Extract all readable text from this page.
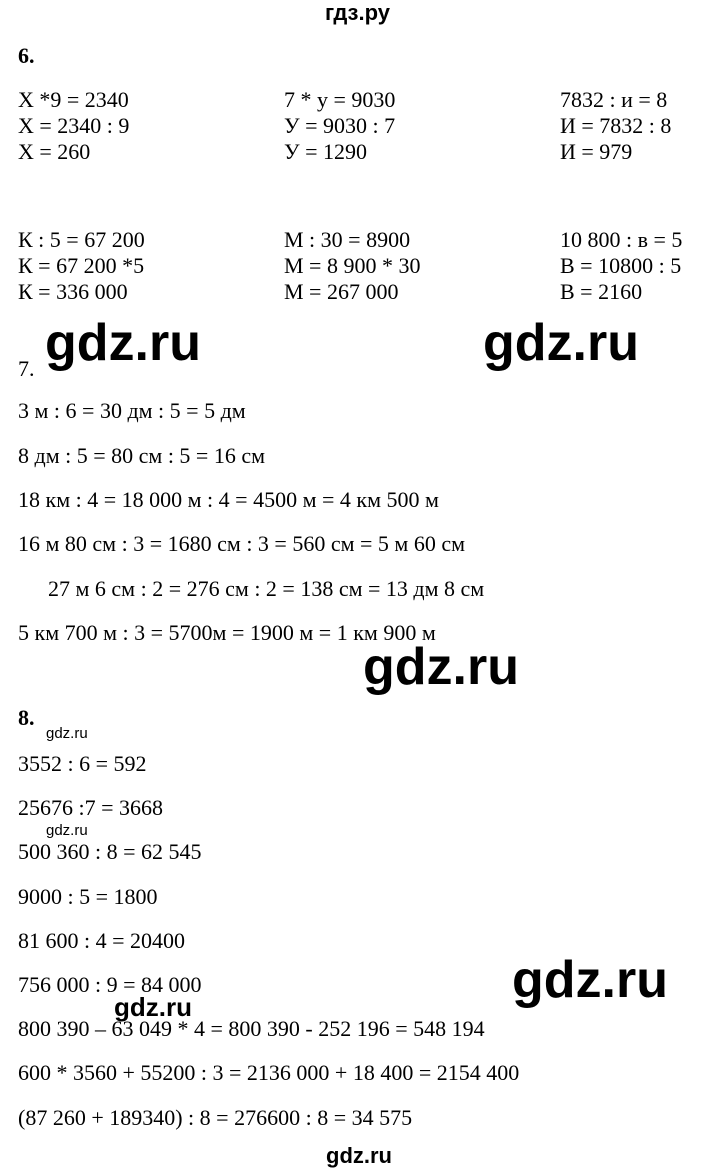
гдз.ру
6.
X *9 = 2340
X = 2340 : 9
X = 260
7 * у = 9030
У = 9030 : 7
У = 1290
7832 : и = 8
И = 7832 : 8
И = 979
К : 5 = 67 200
К = 67 200 *5
К = 336 000
М : 30 = 8900
М = 8 900 * 30
М = 267 000
10 800 : в = 5
В = 10800 : 5
В = 2160
gdz.ru	gdz.ru
7.
3 м : 6 = 30 дм : 5 = 5 дм
8 дм : 5 = 80 см : 5 = 16 см
18 км : 4 = 18 000 м : 4 = 4500 м = 4 км 500 м
16 м 80 см : 3 = 1680 см : 3 = 560 см = 5 м 60 см
27 м 6 см : 2 = 276 см : 2 = 138 см = 13 дм 8 см
5 км 700 м : 3 = 5700м = 1900 м = 1 км 900 м
gdz.ru
8.
gdz.ru
3552 : 6 = 592
25676 :7 = 3668
gdz.ru
500 360 : 8 = 62 545
9000 : 5 = 1800
81 600 : 4 = 20400
756 000 : 9 = 84 000	gdz.ru
gdz.ru
800 390 – 63 049 * 4 = 800 390 - 252 196 = 548 194
600 * 3560 + 55200 : 3 = 2136 000 + 18 400 = 2154 400
(87 260 + 189340) : 8 = 276600 : 8 = 34 575
gdz.ru
